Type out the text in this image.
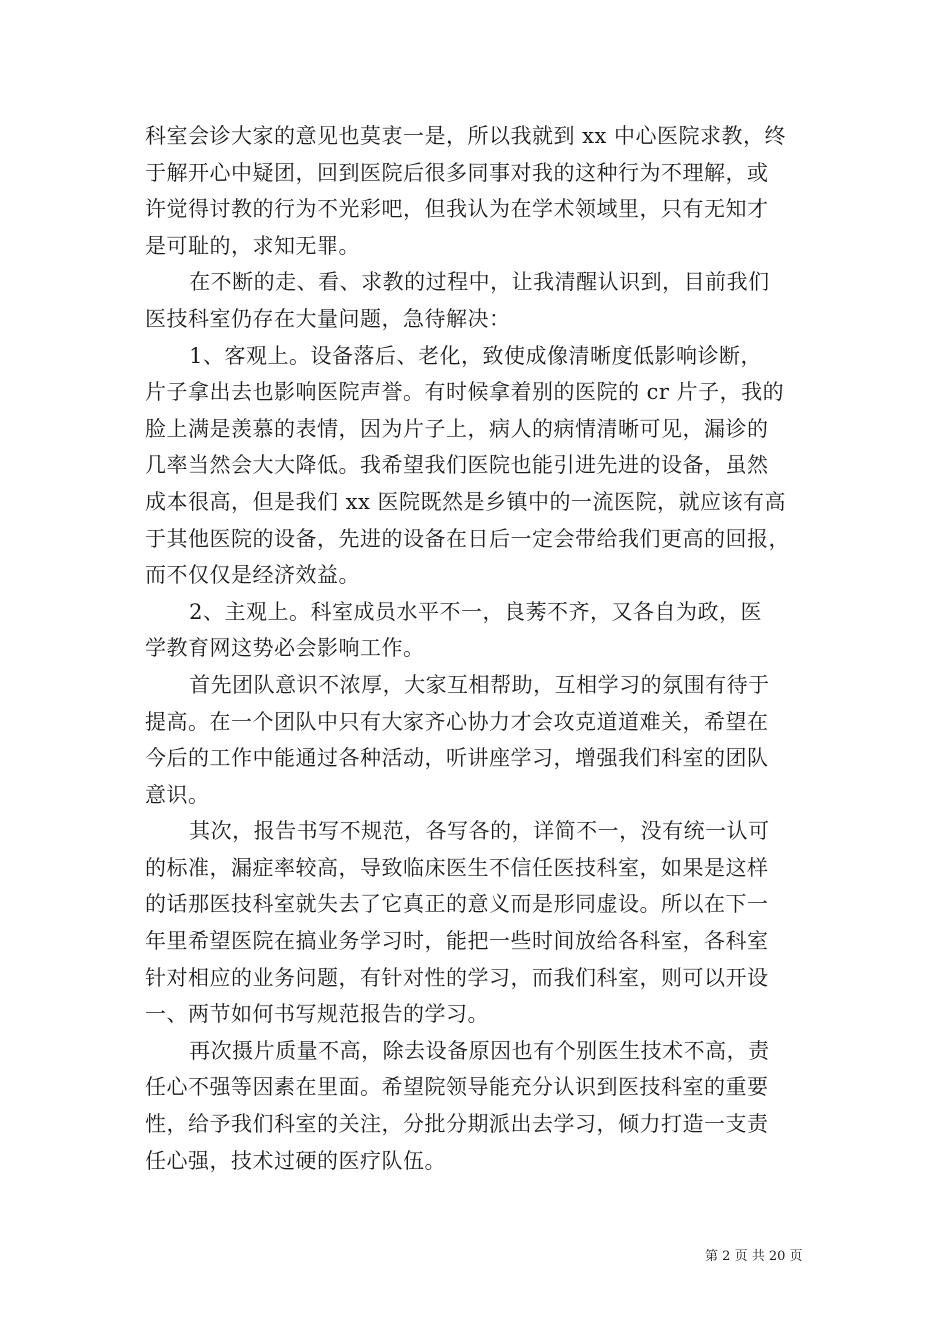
科室会诊大家的意见也莫衷一是，所以我就到 xx 中心医院求教，终
于解开心中疑团，回到医院后很多同事对我的这种行为不理解，或
许觉得讨教的行为不光彩吧，但我认为在学术领域里，只有无知才
是可耻的，求知无罪。

在不断的走、看、求教的过程中，让我清醒认识到，目前我们
医技科室仍存在大量问题，急待解决：

1、客观上。设备落后、老化，致使成像清晰度低影响诊断，
片子拿出去也影响医院声誉。有时候拿着别的医院的 cr 片子，我的
脸上满是羡慕的表情，因为片子上，病人的病情清晰可见，漏诊的
几率当然会大大降低。我希望我们医院也能引进先进的设备，虽然
成本很高，但是我们 xx 医院既然是乡镇中的一流医院，就应该有高
于其他医院的设备，先进的设备在日后一定会带给我们更高的回报，
而不仅仅是经济效益。

2、主观上。科室成员水平不一，良莠不齐，又各自为政，医
学教育网这势必会影响工作。

首先团队意识不浓厚，大家互相帮助，互相学习的氛围有待于
提高。在一个团队中只有大家齐心协力才会攻克道道难关，希望在
今后的工作中能通过各种活动，听讲座学习，增强我们科室的团队
意识。

其次，报告书写不规范，各写各的，详简不一，没有统一认可
的标准，漏症率较高，导致临床医生不信任医技科室，如果是这样
的话那医技科室就失去了它真正的意义而是形同虚设。所以在下一
年里希望医院在搞业务学习时，能把一些时间放给各科室，各科室
针对相应的业务问题，有针对性的学习，而我们科室，则可以开设
一、两节如何书写规范报告的学习。

再次摄片质量不高，除去设备原因也有个别医生技术不高，责
任心不强等因素在里面。希望院领导能充分认识到医技科室的重要
性，给予我们科室的关注，分批分期派出去学习，倾力打造一支责
任心强，技术过硬的医疗队伍。

第 2 页 共 20 页
